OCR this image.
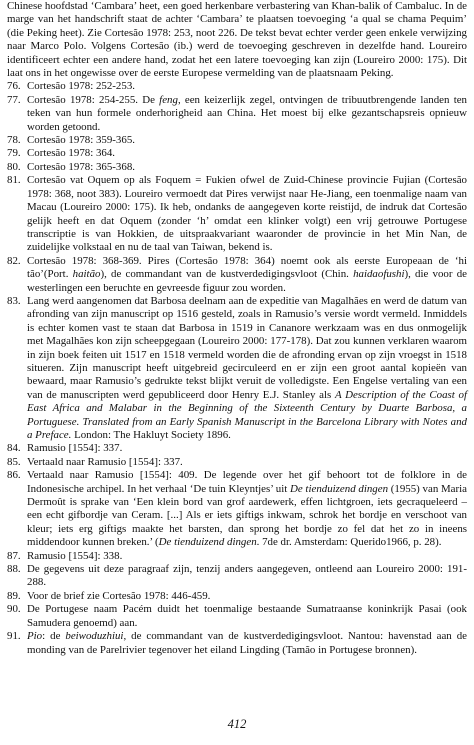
Chinese hoofdstad ‘Cambara’ heet, een goed herkenbare verbastering van Khan-balik of Cambaluc. In de marge van het handschrift staat de achter ‘Cambara’ te plaatsen toevoeging ‘a qual se chama Pequim’ (die Peking heet). Zie Cortesão 1978: 253, noot 226. De tekst bevat echter verder geen enkele verwijzing naar Marco Polo. Volgens Cortesão (ib.) werd de toevoeging geschreven in dezelfde hand. Loureiro identificeert echter een andere hand, zodat het een latere toevoeging kan zijn (Loureiro 2000: 175). Dit laat ons in het ongewisse over de eerste Europese vermelding van de plaatsnaam Peking.

76. Cortesão 1978: 252-253.
77. Cortesão 1978: 254-255. De feng, een keizerlijk zegel, ontvingen de tribuutbrengende landen ten teken van hun formele onderhorigheid aan China. Het moest bij elke gezantschapsreis opnieuw worden getoond.
78. Cortesão 1978: 359-365.
79. Cortesão 1978: 364.
80. Cortesão 1978: 365-368.
81. Cortesão vat Oquem op als Foquem = Fukien ofwel de Zuid-Chinese provincie Fujian (Cortesão 1978: 368, noot 383). Loureiro vermoedt dat Pires verwijst naar He-Jiang, een toenmalige naam van Macau (Loureiro 2000: 175). Ik heb, ondanks de aangegeven korte reistijd, de indruk dat Cortesão gelijk heeft en dat Oquem (zonder ‘h’ omdat een klinker volgt) een vrij getrouwe Portugese transcriptie is van Hokkien, de uitspraakvariant waaronder de provincie in het Min Nan, de zuidelijke volkstaal en nu de taal van Taiwan, bekend is.
82. Cortesão 1978: 368-369. Pires (Cortesão 1978: 364) noemt ook als eerste Europeaan de ‘hi tão’(Port. haitão), de commandant van de kustverdedigingsvloot (Chin. haidaofushi), die voor de westerlingen een beruchte en gevreesde figuur zou worden.
83. Lang werd aangenomen dat Barbosa deelnam aan de expeditie van Magalhães en werd de datum van afronding van zijn manuscript op 1516 gesteld, zoals in Ramusio’s versie wordt vermeld. Inmiddels is echter komen vast te staan dat Barbosa in 1519 in Cananore werkzaam was en dus onmogelijk met Magalhães kon zijn scheepgegaan (Loureiro 2000: 177-178). Dat zou kunnen verklaren waarom in zijn boek feiten uit 1517 en 1518 vermeld worden die de afronding ervan op zijn vroegst in 1518 situeren. Zijn manuscript heeft uitgebreid gecirculeerd en er zijn een groot aantal kopieën van bewaard, maar Ramusio’s gedrukte tekst blijkt veruit de volledigste. Een Engelse vertaling van een van de manuscripten werd gepubliceerd door Henry E.J. Stanley als A Description of the Coast of East Africa and Malabar in the Beginning of the Sixteenth Century by Duarte Barbosa, a Portuguese. Translated from an Early Spanish Manuscript in the Barcelona Library with Notes and a Preface. London: The Hakluyt Society 1896.
84. Ramusio [1554]: 337.
85. Vertaald naar Ramusio [1554]: 337.
86. Vertaald naar Ramusio [1554]: 409. De legende over het gif behoort tot de folklore in de Indonesische archipel. In het verhaal ‘De tuin Kleyntjes’ uit De tienduizend dingen (1955) van Maria Dermoût is sprake van ‘Een klein bord van grof aardewerk, effen lichtgroen, iets gecraqueleerd – een echt gifbordje van Ceram. [...] Als er iets giftigs inkwam, schrok het bordje en verschoot van kleur; iets erg giftigs maakte het barsten, dan sprong het bordje zo fel dat het zo in ineens middendoor kunnen breken.’ (De tienduizend dingen. 7de dr. Amsterdam: Querido1966, p. 28).
87. Ramusio [1554]: 338.
88. De gegevens uit deze paragraaf zijn, tenzij anders aangegeven, ontleend aan Loureiro 2000: 191-288.
89. Voor de brief zie Cortesão 1978: 446-459.
90. De Portugese naam Pacém duidt het toenmalige bestaande Sumatraanse koninkrijk Pasai (ook Samudera genoemd) aan.
91. Pio: de beiwoduzhiui, de commandant van de kustverdedigingsvloot. Nantou: havenstad aan de monding van de Parelrivier tegenover het eiland Lingding (Tamão in Portugese bronnen).
412
